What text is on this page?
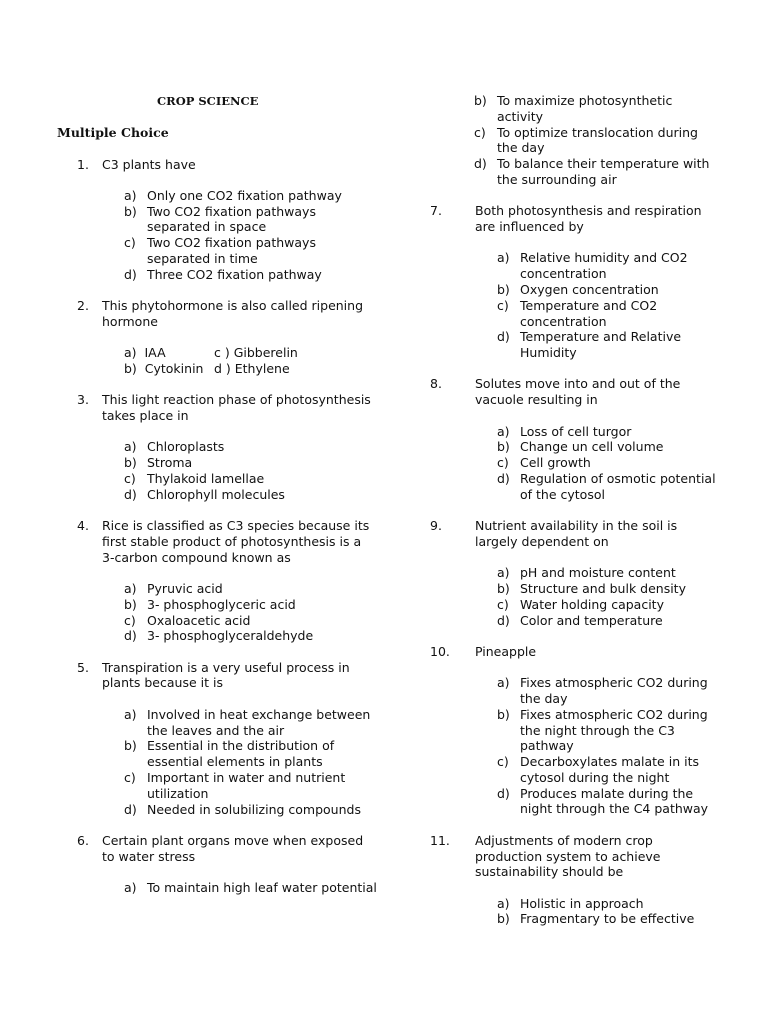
CROP SCIENCE
Multiple Choice
1. C3 plants have
a) Only one CO2 fixation pathway
b) Two CO2 fixation pathways separated in space
c) Two CO2 fixation pathways separated in time
d) Three CO2 fixation pathway
2. This phytohormone is also called ripening hormone
a)  IAA	c ) Gibberelin
b)  Cytokinin d ) Ethylene
3. This light reaction phase of photosynthesis takes place in
a) Chloroplasts
b) Stroma
c) Thylakoid lamellae
d) Chlorophyll molecules
4. Rice is classified as C3 species because its first stable product of photosynthesis is a 3-carbon compound known as
a) Pyruvic acid
b) 3- phosphoglyceric acid
c) Oxaloacetic acid
d) 3- phosphoglyceraldehyde
5. Transpiration is a very useful process in plants because it is
a) Involved in heat exchange between the leaves and the air
b) Essential in the distribution of essential elements in plants
c) Important in water and nutrient utilization
d) Needed in solubilizing compounds
6. Certain plant organs move when exposed to water stress
a) To maintain high leaf water potential
b) To maximize photosynthetic activity
c) To optimize translocation during the day
d) To balance their temperature with the surrounding air
7.	Both photosynthesis and respiration are influenced by
a) Relative humidity and CO2 concentration
b) Oxygen concentration
c) Temperature and CO2 concentration
d) Temperature and Relative Humidity
8.	Solutes move into and out of the vacuole resulting in
a) Loss of cell turgor
b) Change un cell volume
c) Cell growth
d) Regulation of osmotic potential of the cytosol
9.	Nutrient availability in the soil is largely dependent on
a) pH and moisture content
b) Structure and bulk density
c) Water holding capacity
d) Color and temperature
10. Pineapple
a) Fixes atmospheric CO2 during the day
b) Fixes atmospheric CO2 during the night through the C3 pathway
c) Decarboxylates malate in its cytosol during the night
d) Produces malate during the night through the C4 pathway
11. Adjustments of modern crop production system to achieve sustainability should be
a) Holistic in approach
b) Fragmentary to be effective
